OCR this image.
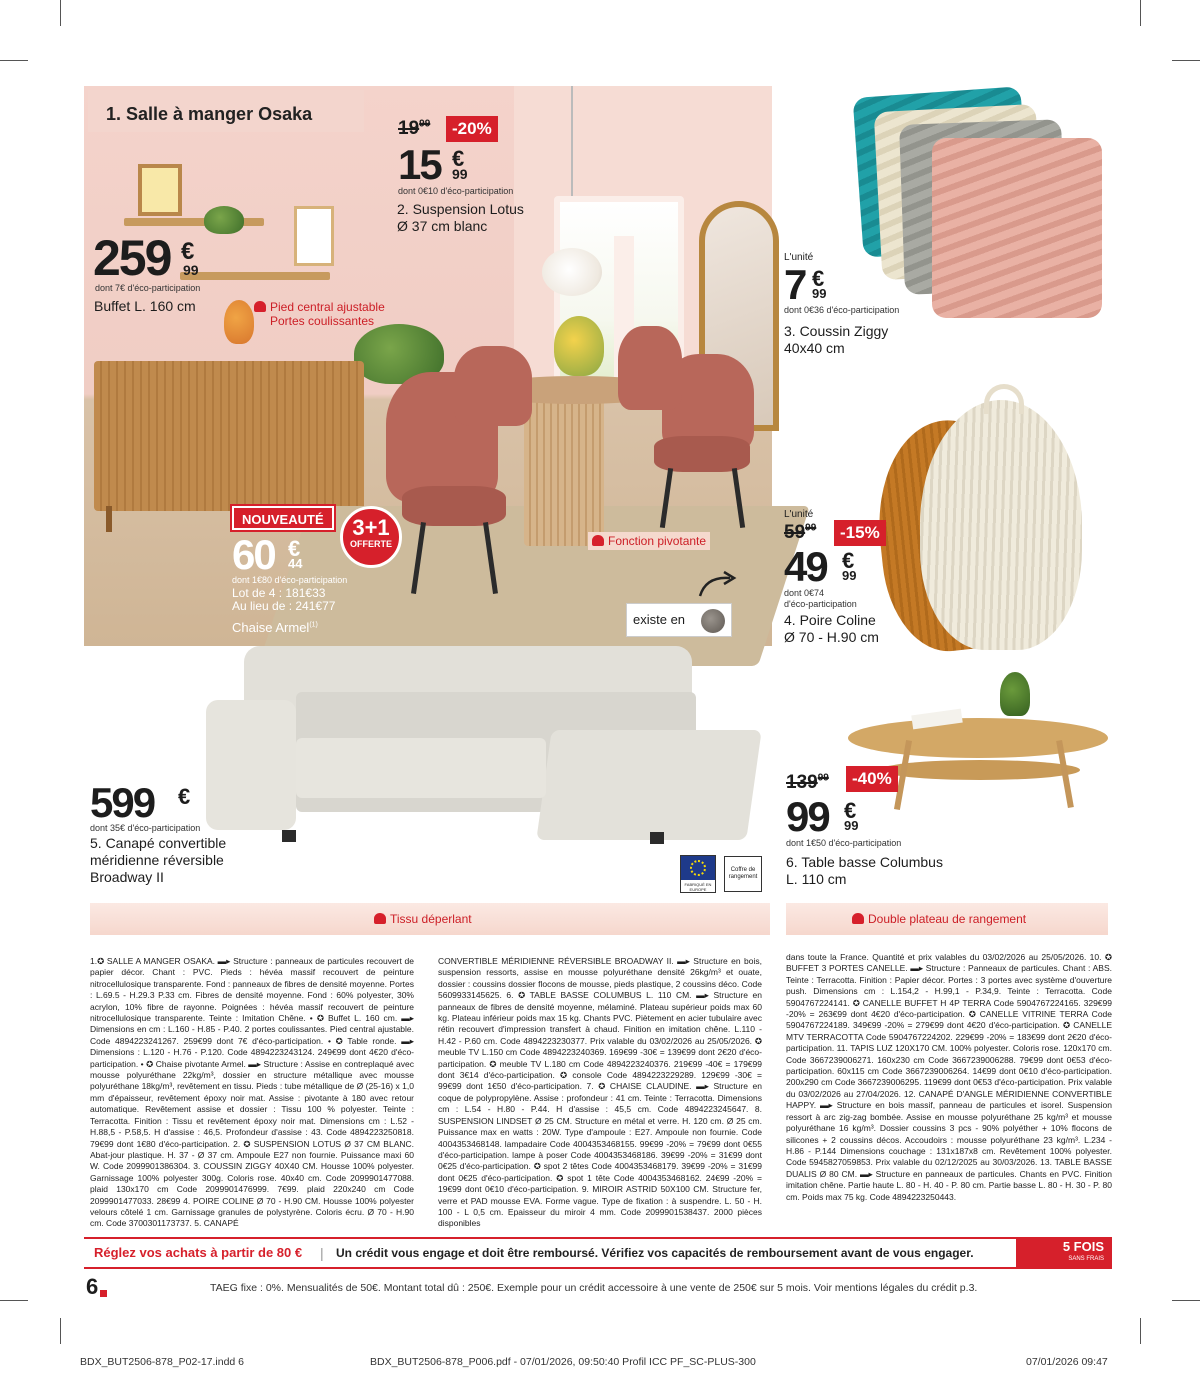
1. Salle à manger Osaka
$19^{99}$	-20%
15 €
99
dont 0€10 d'éco-participation
2. Suspension Lotus
Ø 37 cm blanc
259 €
99
dont 7€ d'éco-participation
Buffet L. 160 cm	Pied central ajustable
Portes coulissantes
NOUVEAUTÉ	3+1
OFFERTE
60 €
44
dont 1€80 d'éco-participation
Lot de 4 : 181€33
Au lieu de : 241€77
Chaise Armel$^{(1)}$
Fonction pivotante
existe en
L'unité
7 €
99
dont 0€36 d'éco-participation
3. Coussin Ziggy
40x40 cm
L'unité
$59^{99}$	-15%
49 €
99
dont 0€74
d'éco-participation
4. Poire Coline
Ø 70 - H.90 cm
599 €
dont 35€ d'éco-participation
5. Canapé convertible
méridienne réversible
Broadway II	FABRIQUÉ EN EUROPE
Coffre de rangement
$139^{99}$	-40%
99 €
99
dont 1€50 d'éco-participation
6. Table basse Columbus
L. 110 cm
Tissu déperlant	Double plateau de rangement
1.✪ SALLE A MANGER OSAKA. ▬▸ Structure : panneaux de particules recouvert de papier décor. Chant : PVC. Pieds : hévéa massif recouvert de peinture nitrocellulosique transparente. Fond : panneaux de fibres de densité moyenne. Portes : L.69.5 - H.29.3 P.33 cm. Fibres de densité moyenne. Fond : 60% polyester, 30% acrylon, 10% fibre de rayonne. Poignées : hévéa massif recouvert de peinture nitrocellulosique transparente. Teinte : Imitation Chêne. • ✪ Buffet L. 160 cm. ▬▸ Dimensions en cm : L.160 - H.85 - P.40. 2 portes coulissantes. Pied central ajustable. Code 4894223241267. 259€99 dont 7€ d'éco-participation. • ✪ Table ronde. ▬▸ Dimensions : L.120 - H.76 - P.120. Code 4894223243124. 249€99 dont 4€20 d'éco-participation. • ✪ Chaise pivotante Armel. ▬▸ Structure : Assise en contreplaqué avec mousse polyuréthane 22kg/m³, dossier en structure métallique avec mousse polyuréthane 18kg/m³, revêtement en tissu. Pieds : tube métallique de Ø (25-16) x 1,0 mm d'épaisseur, revêtement époxy noir mat. Assise : pivotante à 180 avec retour automatique. Revêtement assise et dossier : Tissu 100 % polyester. Teinte : Terracotta. Finition : Tissu et revêtement époxy noir mat. Dimensions cm : L.52 - H.88,5 - P.58,5. H d'assise : 46,5. Profondeur d'assise : 43. Code 4894223250818. 79€99 dont 1€80 d'éco-participation. 2. ✪ SUSPENSION LOTUS Ø 37 CM BLANC. Abat-jour plastique. H. 37 - Ø 37 cm. Ampoule E27 non fournie. Puissance maxi 60 W. Code 2099901386304. 3. COUSSIN ZIGGY 40X40 CM. Housse 100% polyester. Garnissage 100% polyester 300g. Coloris rose. 40x40 cm. Code 2099901477088. plaid 130x170 cm Code 2099901476999. 7€99. plaid 220x240 cm Code 2099901477033. 28€99 4. POIRE COLINE Ø 70 - H.90 CM. Housse 100% polyester velours côtelé 1 cm. Garnissage granules de polystyrène. Coloris écru. Ø 70 - H.90 cm. Code 3700301173737. 5. CANAPÉ
CONVERTIBLE MÉRIDIENNE RÉVERSIBLE BROADWAY II. ▬▸ Structure en bois, suspension ressorts, assise en mousse polyuréthane densité 26kg/m³ et ouate, dossier : coussins dossier flocons de mousse, pieds plastique, 2 coussins déco. Code 5609933145625. 6. ✪ TABLE BASSE COLUMBUS L. 110 CM. ▬▸ Structure en panneaux de fibres de densité moyenne, mélaminé. Plateau supérieur poids max 60 kg. Plateau inférieur poids max 15 kg. Chants PVC. Piètement en acier tubulaire avec rétin recouvert d'impression transfert à chaud. Finition en imitation chêne. L.110 - H.42 - P.60 cm. Code 4894223230377. Prix valable du 03/02/2026 au 25/05/2026. ✪ meuble TV L.150 cm Code 4894223240369. 169€99 -30€ = 139€99 dont 2€20 d'éco-participation. ✪ meuble TV L.180 cm Code 4894223240376. 219€99 -40€ = 179€99 dont 3€14 d'éco-participation. ✪ console Code 4894223229289. 129€99 -30€ = 99€99 dont 1€50 d'éco-participation. 7. ✪ CHAISE CLAUDINE. ▬▸ Structure en coque de polypropylène. Assise : profondeur : 41 cm. Teinte : Terracotta. Dimensions cm : L.54 - H.80 - P.44. H d'assise : 45,5 cm. Code 4894223245647. 8. SUSPENSION LINDSET Ø 25 CM. Structure en métal et verre. H. 120 cm. Ø 25 cm. Puissance max en watts : 20W. Type d'ampoule : E27. Ampoule non fournie. Code 4004353468148. lampadaire Code 4004353468155. 99€99 -20% = 79€99 dont 0€55 d'éco-participation. lampe à poser Code 4004353468186. 39€99 -20% = 31€99 dont 0€25 d'éco-participation. ✪ spot 2 têtes Code 4004353468179. 39€99 -20% = 31€99 dont 0€25 d'éco-participation. ✪ spot 1 tête Code 4004353468162. 24€99 -20% = 19€99 dont 0€10 d'éco-participation. 9. MIROIR ASTRID 50X100 CM. Structure fer, verre et PAD mousse EVA. Forme vague. Type de fixation : à suspendre. L. 50 - H. 100 - L 0,5 cm. Epaisseur du miroir 4 mm. Code 2099901538437. 2000 pièces disponibles
dans toute la France. Quantité et prix valables du 03/02/2026 au 25/05/2026. 10. ✪ BUFFET 3 PORTES CANELLE. ▬▸ Structure : Panneaux de particules. Chant : ABS. Teinte : Terracotta. Finition : Papier décor. Portes : 3 portes avec système d'ouverture push. Dimensions cm : L.154,2 - H.99,1 - P.34,9. Teinte : Terracotta. Code 5904767224141. ✪ CANELLE BUFFET H 4P TERRA Code 5904767224165. 329€99 -20% = 263€99 dont 4€20 d'éco-participation. ✪ CANELLE VITRINE TERRA Code 5904767224189. 349€99 -20% = 279€99 dont 4€20 d'éco-participation. ✪ CANELLE MTV TERRACOTTA Code 5904767224202. 229€99 -20% = 183€99 dont 2€20 d'éco-participation. 11. TAPIS LUZ 120X170 CM. 100% polyester. Coloris rose. 120x170 cm. Code 3667239006271. 160x230 cm Code 3667239006288. 79€99 dont 0€53 d'éco-participation. 60x115 cm Code 3667239006264. 14€99 dont 0€10 d'éco-participation. 200x290 cm Code 3667239006295. 119€99 dont 0€53 d'éco-participation. Prix valable du 03/02/2026 au 27/04/2026. 12. CANAPÉ D'ANGLE MÉRIDIENNE CONVERTIBLE HAPPY. ▬▸ Structure en bois massif, panneau de particules et isorel. Suspension ressort à arc zig-zag bombée. Assise en mousse polyuréthane 25 kg/m³ et mousse polyuréthane 16 kg/m³. Dossier coussins 3 pcs - 90% polyéther + 10% flocons de silicones + 2 coussins décos. Accoudoirs : mousse polyuréthane 23 kg/m³. L.234 - H.86 - P.144 Dimensions couchage : 131x187x8 cm. Revêtement 100% polyester. Code 5945827059853. Prix valable du 02/12/2025 au 30/03/2026. 13. TABLE BASSE DUALIS Ø 80 CM. ▬▸ Structure en panneaux de particules. Chants en PVC. Finition imitation chêne. Partie haute L. 80 - H. 40 - P. 80 cm. Partie basse L. 80 - H. 30 - P. 80 cm. Poids max 75 kg. Code 4894223250443.
Réglez vos achats à partir de 80 €	| Un crédit vous engage et doit être remboursé. Vérifiez vos capacités de remboursement avant de vous engager.	5 FOIS
SANS FRAIS
6	TAEG fixe : 0%. Mensualités de 50€. Montant total dû : 250€. Exemple pour un crédit accessoire à une vente de 250€ sur 5 mois. Voir mentions légales du crédit p.3.
BDX_BUT2506-878_P02-17.indd 6	BDX_BUT2506-878_P006.pdf - 07/01/2026, 09:50:40 Profil ICC PF_SC-PLUS-300	07/01/2026 09:47
